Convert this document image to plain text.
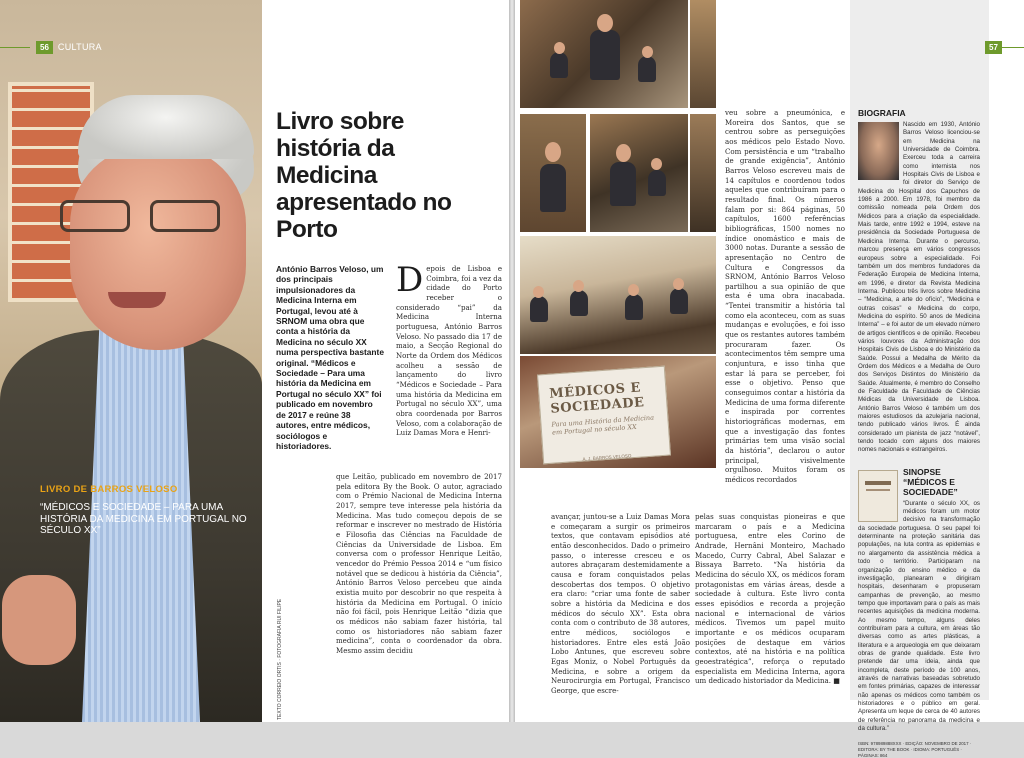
LIVRO DE BARROS VELOSO
“MÉDICOS E SOCIEDADE – PARA UMA HISTÓRIA DA MEDICINA EM PORTUGAL NO SÉCULO XX”
56	CULTURA
TEXTO CORREIO ORTIS · FOTOGRAFIA RUI FILIPE
Livro sobre história da Medicina apresentado no Porto

António Barros Veloso, um dos principais impulsionadores da Medicina Interna em Portugal, levou até à SRNOM uma obra que conta a história da Medicina no século XX numa perspectiva bastante original. “Médicos e Sociedade – Para uma história da Medicina em Portugal no século XX” foi publicado em novembro de 2017 e reúne 38 autores, entre médicos, sociólogos e historiadores.

D epois de Lisboa e Coimbra, foi a vez da cidade do Porto receber o considerado “pai” da Medicina Interna portuguesa, António Barros Veloso. No passado dia 17 de maio, a Secção Regional do Norte da Ordem dos Médicos acolheu a sessão de lançamento do livro “Médicos e Sociedade – Para uma história da Medicina em Portugal no século XX”, uma obra coordenada por Barros Veloso, com a colaboração de Luiz Damas Mora e Henri-
que Leitão, publicado em novembro de 2017 pela editora By the Book. O autor, agraciado com o Prémio Nacional de Medicina Interna 2017, sempre teve interesse pela história da Medicina. Mas tudo começou depois de se reformar e inscrever no mestrado de História e Filosofia das Ciências na Faculdade de Ciências da Universidade de Lisboa. Em conversa com o professor Henrique Leitão, vencedor do Prémio Pessoa 2014 e “um físico notável que se dedicou à história da Ciência”, António Barros Veloso percebeu que ainda existia muito por descobrir no que respeita à história da Medicina em Portugal. O início não foi fácil, pois Henrique Leitão “dizia que os médicos não sabiam fazer história, tal como os historiadores não sabiam fazer medicina”, conta o coordenador da obra. Mesmo assim decidiu
MÉDICOS E SOCIEDADE
Para uma História da Medicina em Portugal no século XX
A. J. BARROS VELOSO
veu sobre a pneumónica, e Moreira dos Santos, que se centrou sobre as perseguições aos médicos pelo Estado Novo. Com persistência e um “trabalho de grande exigência”, António Barros Veloso escreveu mais de 14 capítulos e coordenou todos aqueles que contribuíram para o resultado final. Os números falam por si: 864 páginas, 50 capítulos, 1600 referências bibliográficas, 1500 nomes no índice onomástico e mais de 3000 notas. Durante a sessão de apresentação no Centro de Cultura e Congressos da SRNOM, António Barros Veloso partilhou a sua opinião de que esta é uma obra inacabada. “Tentei transmitir a história tal como ela aconteceu, com as suas mudanças e evoluções, e foi isso que os restantes autores também procuraram fazer. Os acontecimentos têm sempre uma conjuntura, e isso tinha que estar lá para se perceber, foi esse o objetivo. Penso que conseguimos contar a história da Medicina de uma forma diferente e inspirada por correntes historiográficas modernas, em que a investigação das fontes primárias tem uma visão social da história”, declarou o autor principal, visivelmente orgulhoso. Muitos foram os médicos recordados
avançar, juntou-se a Luiz Damas Mora e começaram a surgir os primeiros textos, que contavam episódios até então desconhecidos. Dado o primeiro passo, o interesse cresceu e os autores abraçaram destemidamente a causa e foram conquistados pelas descobertas dos tempos. O objetivo era claro: “criar uma fonte de saber sobre a história da Medicina e dos médicos do século XX”. Esta obra conta com o contributo de 38 autores, entre médicos, sociólogos e historiadores. Entre eles está João Lobo Antunes, que escreveu sobre Egas Moniz, o Nobel Português da Medicina, e sobre a origem da Neurocirurgia em Portugal, Francisco George, que escre-
pelas suas conquistas pioneiras e que marcaram o país e a Medicina portuguesa, entre eles Corino de Andrade, Hernâni Monteiro, Machado Macedo, Curry Cabral, Abel Salazar e Bissaya Barreto. “Na história da Medicina do século XX, os médicos foram protagonistas em várias áreas, desde a sociedade à cultura. Este livro conta esses episódios e recorda a projeção nacional e internacional de vários médicos. Tivemos um papel muito importante e os médicos ocuparam posições de destaque em vários contextos, até na história e na política geoestratégica”, reforça o reputado especialista em Medicina Interna, agora um dedicado historiador da Medicina. ■
BIOGRAFIA

Nascido em 1930, António Barros Veloso licenciou-se em Medicina na Universidade de Coimbra. Exerceu toda a carreira como internista nos Hospitais Civis de Lisboa e foi diretor do Serviço de Medicina do Hospital dos Capuchos de 1986 a 2000. Em 1978, foi membro da comissão nomeada pela Ordem dos Médicos para a criação da especialidade. Mais tarde, entre 1992 e 1994, esteve na presidência da Sociedade Portuguesa de Medicina Interna. Durante o percurso, marcou presença em vários congressos europeus sobre a especialidade. Foi também um dos membros fundadores da Federação Europeia de Medicina Interna, em 1996, e diretor da Revista Medicina Interna. Publicou três livros sobre Medicina – “Medicina, a arte do ofício”, “Medicina e outras coisas” e Medicina do corpo, Medicina do espírito. 50 anos de Medicina Interna” – e foi autor de um elevado número de artigos científicos e de opinião. Recebeu vários louvores da Administração dos Hospitais Civis de Lisboa e do Ministério da Saúde. Possui a Medalha de Mérito da Ordem dos Médicos e a Medalha de Ouro dos Serviços Distintos do Ministério da Saúde. Atualmente, é membro do Conselho de Faculdade da Faculdade de Ciências Médicas da Universidade de Lisboa. António Barros Veloso é também um dos maiores estudiosos da azulejaria nacional, tendo publicado vários livros. É ainda considerado um pianista de jazz “notável”, tendo tocado com alguns dos maiores nomes nacionais e estrangeiros.

SINOPSE “MÉDICOS E SOCIEDADE”

“Durante o século XX, os médicos foram um motor decisivo na transformação da sociedade portuguesa. O seu papel foi determinante na proteção sanitária das populações, na luta contra as epidemias e no alargamento da assistência médica a todo o território. Participaram na organização do ensino médico e da investigação, planearam e dirigiram hospitais, desenharam e propuseram campanhas de prevenção, ao mesmo tempo que importavam para o país as mais recentes aquisições da medicina moderna. Ao mesmo tempo, alguns deles contribuíram para a cultura, em áreas tão diversas como as artes plásticas, a literatura e a arqueologia em que deixaram obras de grande qualidade. Este livro pretende dar uma ideia, ainda que incompleta, deste período de 100 anos, através de narrativas baseadas sobretudo em fontes primárias, capazes de interessar não apenas os médicos como também os historiadores e o público em geral. Apresenta um leque de cerca de 40 autores de referência no panorama da medicina e da cultura.”

ISBN: 978989888XXX · EDIÇÃO: NOVEMBRO DE 2017 · EDITORA: BY THE BOOK · IDIOMA: PORTUGUÊS · PÁGINAS: 864

57
